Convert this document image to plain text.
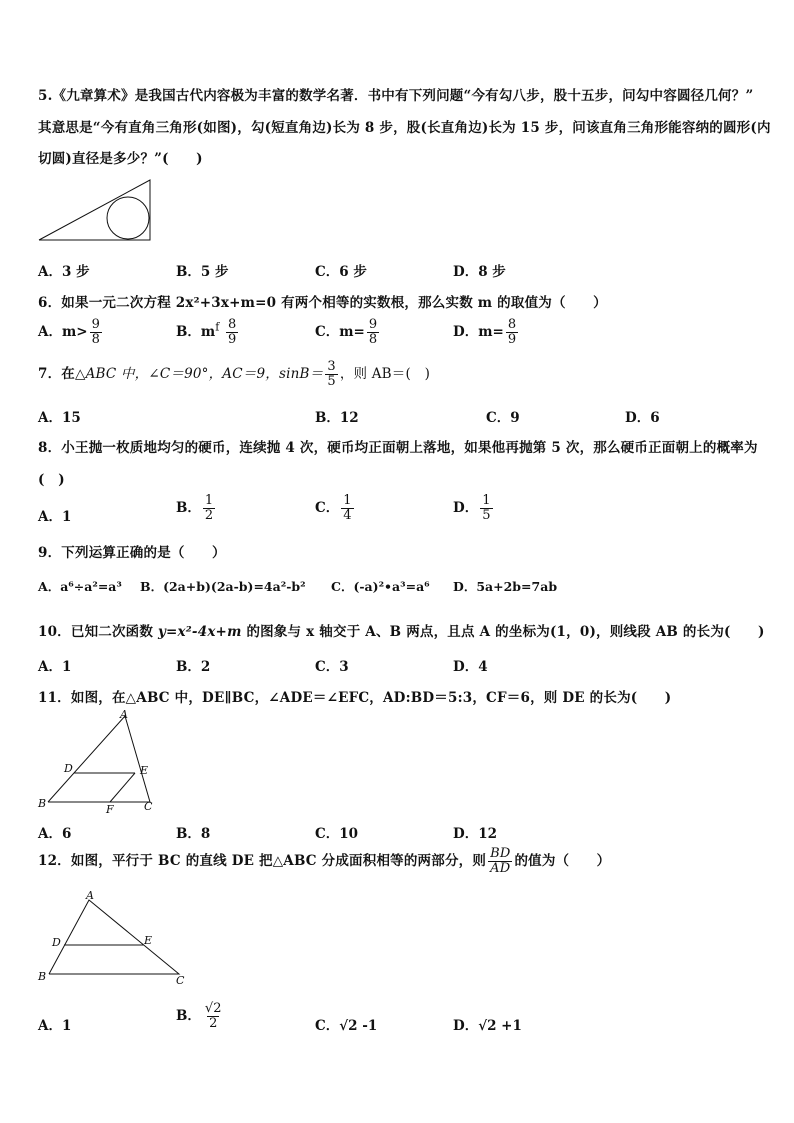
5.《九章算术》是我国古代内容极为丰富的数学名著．书中有下列问题“今有勾八步，股十五步，问勾中容圆径几何？”
其意思是“今有直角三角形(如图)，勾(短直角边)长为 8 步，股(长直角边)长为 15 步，问该直角三角形能容纳的圆形(内
切圆)直径是多少？”(　　)
A．3 步	B．5 步	C．6 步	D．8 步
6．如果一元二次方程 2x²+3x+m=0 有两个相等的实数根，那么实数 m 的取值为（　　）
A．$m> \frac{9}{8}$	B．$m^f \frac{8}{9}$	C．$m= \frac{9}{8}$	D．$m= \frac{8}{9}$
7．在△ABC 中，∠C＝90°，AC＝9，$\sin B= \frac{3}{5}$ ，则 AB＝(　)
A．15	B．12	C．9	D．6
8．小王抛一枚质地均匀的硬币，连续抛 4 次，硬币均正面朝上落地，如果他再抛第 5 次，那么硬币正面朝上的概率为
(　)
A．1
B． $\frac{1}{2}$	C． $\frac{1}{4}$	D． $\frac{1}{5}$
9．下列运算正确的是（　　）
A．a⁶÷a²=a³ B．(2a+b)(2a-b)=4a²-b² C．(-a)²•a³=a⁶ D．5a+2b=7ab
10．已知二次函数 y=x²-4x+m 的图象与 x 轴交于 A、B 两点，且点 A 的坐标为(1，0)，则线段 AB 的长为(　　)
A．1	B．2	C．3	D．4
11．如图，在△ABC 中，DE∥BC，∠ADE＝∠EFC，AD:BD＝5:3，CF＝6，则 DE 的长为(　　)
A
D	E
B	F	C
A．6	B．8	C．10	D．12
12．如图，平行于 BC 的直线 DE 把△ABC 分成面积相等的两部分，则 $\frac{BD}{AD}$ 的值为（　　）
A
D	E
B	C
A．1
B． $\frac{√2}{2}$	C．√2 -1	D．√2 +1
